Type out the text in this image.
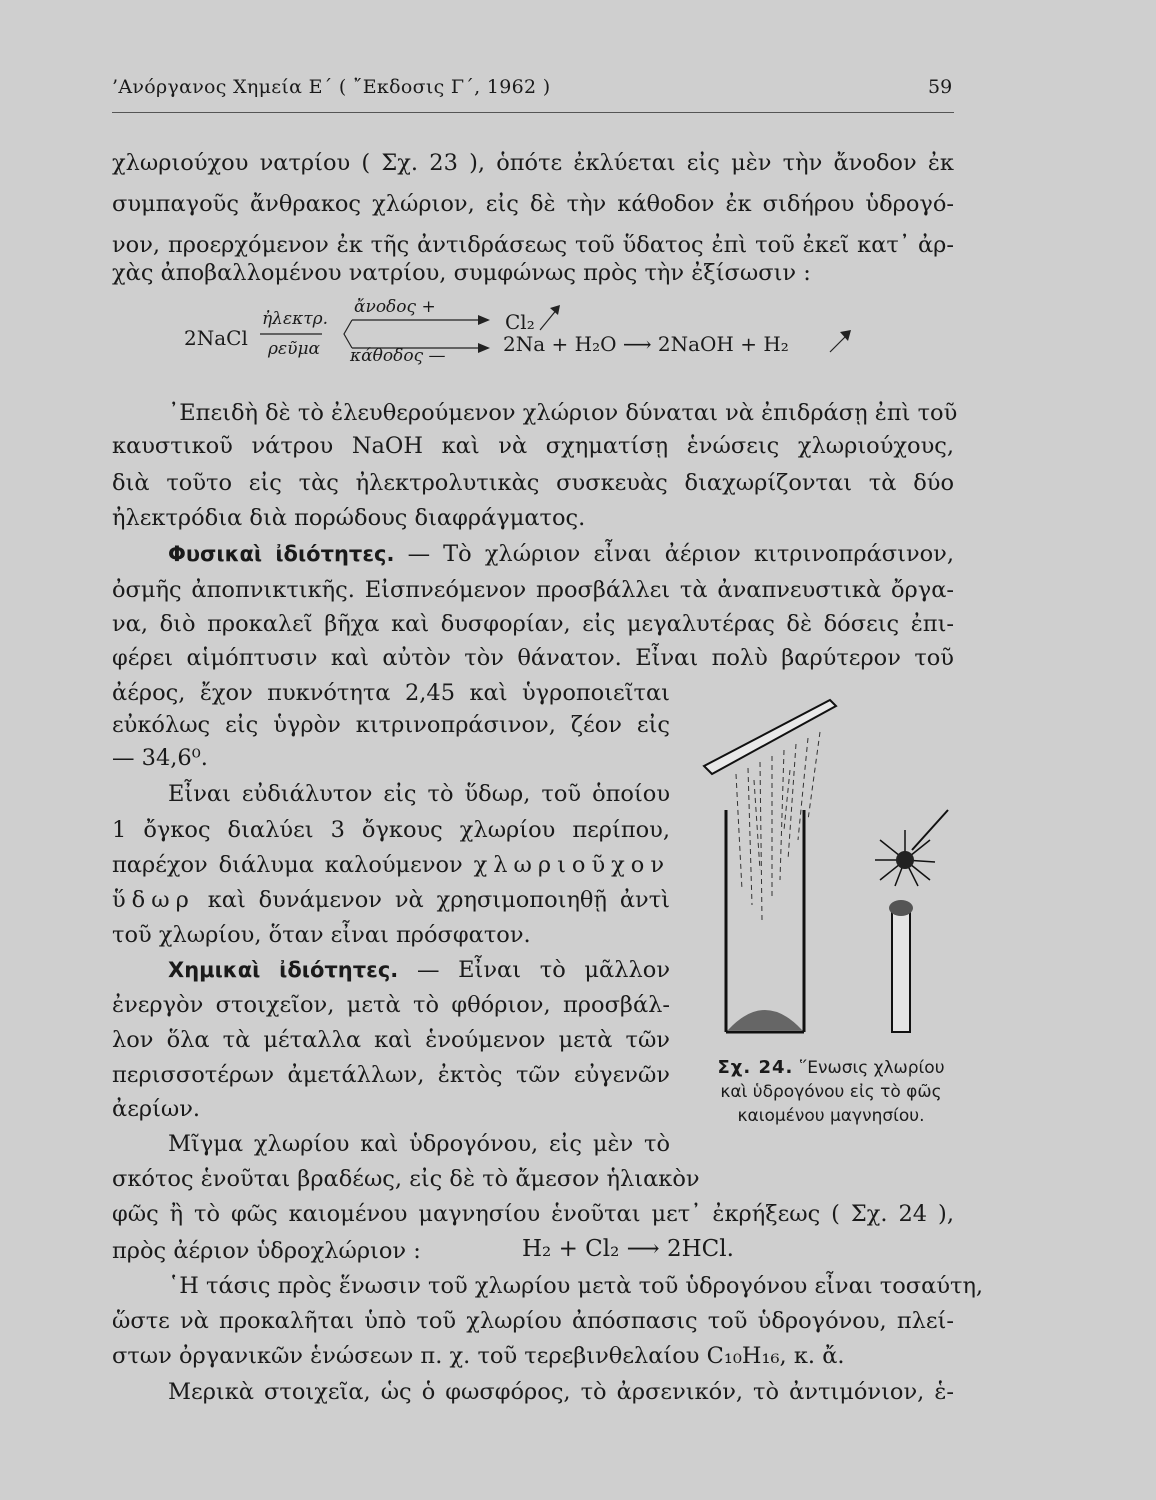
’Ανόργανος Χημεία Ε΄ ( ῎Εκδοσις Γ΄, 1962 )	59
χλωριούχου νατρίου ( Σχ. 23 ), ὁπότε ἐκλύεται εἰς μὲν τὴν ἄνοδον ἐκ
συμπαγοῦς ἄνθρακος χλώριον, εἰς δὲ τὴν κάθοδον ἐκ σιδήρου ὑδρογό-
νον, προερχόμενον ἐκ τῆς ἀντιδράσεως τοῦ ὕδατος ἐπὶ τοῦ ἐκεῖ κατ᾽ ἀρ-
χὰς ἀποβαλλομένου νατρίου, συμφώνως πρὸς τὴν ἐξίσωσιν :
2NaCl
ἠλεκτρ.
ρεῦμα
ἄνοδος +
κάθοδος —
Cl₂
2Na + H₂O ⟶ 2NaOH + H₂
᾽Επειδὴ δὲ τὸ ἐλευθερούμενον χλώριον δύναται νὰ ἐπιδράσῃ ἐπὶ τοῦ
καυστικοῦ νάτρου NaOH καὶ νὰ σχηματίσῃ ἑνώσεις χλωριούχους,
διὰ τοῦτο εἰς τὰς ἠλεκτρολυτικὰς συσκευὰς διαχωρίζονται τὰ δύο
ἠλεκτρόδια διὰ πορώδους διαφράγματος.
Φυσικαὶ ἰδιότητες. — Τὸ χλώριον εἶναι ἀέριον κιτρινοπράσινον,
ὀσμῆς ἀποπνικτικῆς. Εἰσπνεόμενον προσβάλλει τὰ ἀναπνευστικὰ ὄργα-
να, διὸ προκαλεῖ βῆχα καὶ δυσφορίαν, εἰς μεγαλυτέρας δὲ δόσεις ἐπι-
φέρει αἱμόπτυσιν καὶ αὐτὸν τὸν θάνατον. Εἶναι πολὺ βαρύτερον τοῦ
ἀέρος, ἔχον πυκνότητα 2,45 καὶ ὑγροποιεῖται
εὐκόλως εἰς ὑγρὸν κιτρινοπράσινον, ζέον εἰς
— 34,6⁰.
Εἶναι εὐδιάλυτον εἰς τὸ ὕδωρ, τοῦ ὁποίου
1 ὄγκος διαλύει 3 ὄγκους χλωρίου περίπου,
παρέχον διάλυμα καλούμενον χλωριοῦχον
ὕδωρ καὶ δυνάμενον νὰ χρησιμοποιηθῇ ἀντὶ
τοῦ χλωρίου, ὅταν εἶναι πρόσφατον.
Χημικαὶ ἰδιότητες. — Εἶναι τὸ μᾶλλον
ἐνεργὸν στοιχεῖον, μετὰ τὸ φθόριον, προσβάλ-
λον ὅλα τὰ μέταλλα καὶ ἑνούμενον μετὰ τῶν
περισσοτέρων ἀμετάλλων, ἐκτὸς τῶν εὐγενῶν
ἀερίων.
Μῖγμα χλωρίου καὶ ὑδρογόνου, εἰς μὲν τὸ
σκότος ἑνοῦται βραδέως, εἰς δὲ τὸ ἄμεσον ἡλιακὸν
φῶς ἢ τὸ φῶς καιομένου μαγνησίου ἑνοῦται μετ᾽ ἐκρήξεως ( Σχ. 24 ),
πρὸς ἀέριον ὑδροχλώριον :	H₂ + Cl₂ ⟶ 2HCl.
῾Η τάσις πρὸς ἕνωσιν τοῦ χλωρίου μετὰ τοῦ ὑδρογόνου εἶναι τοσαύτη,
ὥστε νὰ προκαλῆται ὑπὸ τοῦ χλωρίου ἀπόσπασις τοῦ ὑδρογόνου, πλεί-
στων ὀργανικῶν ἑνώσεων π. χ. τοῦ τερεβινθελαίου C₁₀H₁₆, κ. ἄ.
Μερικὰ στοιχεῖα, ὡς ὁ φωσφόρος, τὸ ἀρσενικόν, τὸ ἀντιμόνιον, ἑ-
Σχ. 24. ῞Ενωσις χλωρίου καὶ ὑδρογόνου εἰς τὸ φῶς καιομένου μαγνησίου.
